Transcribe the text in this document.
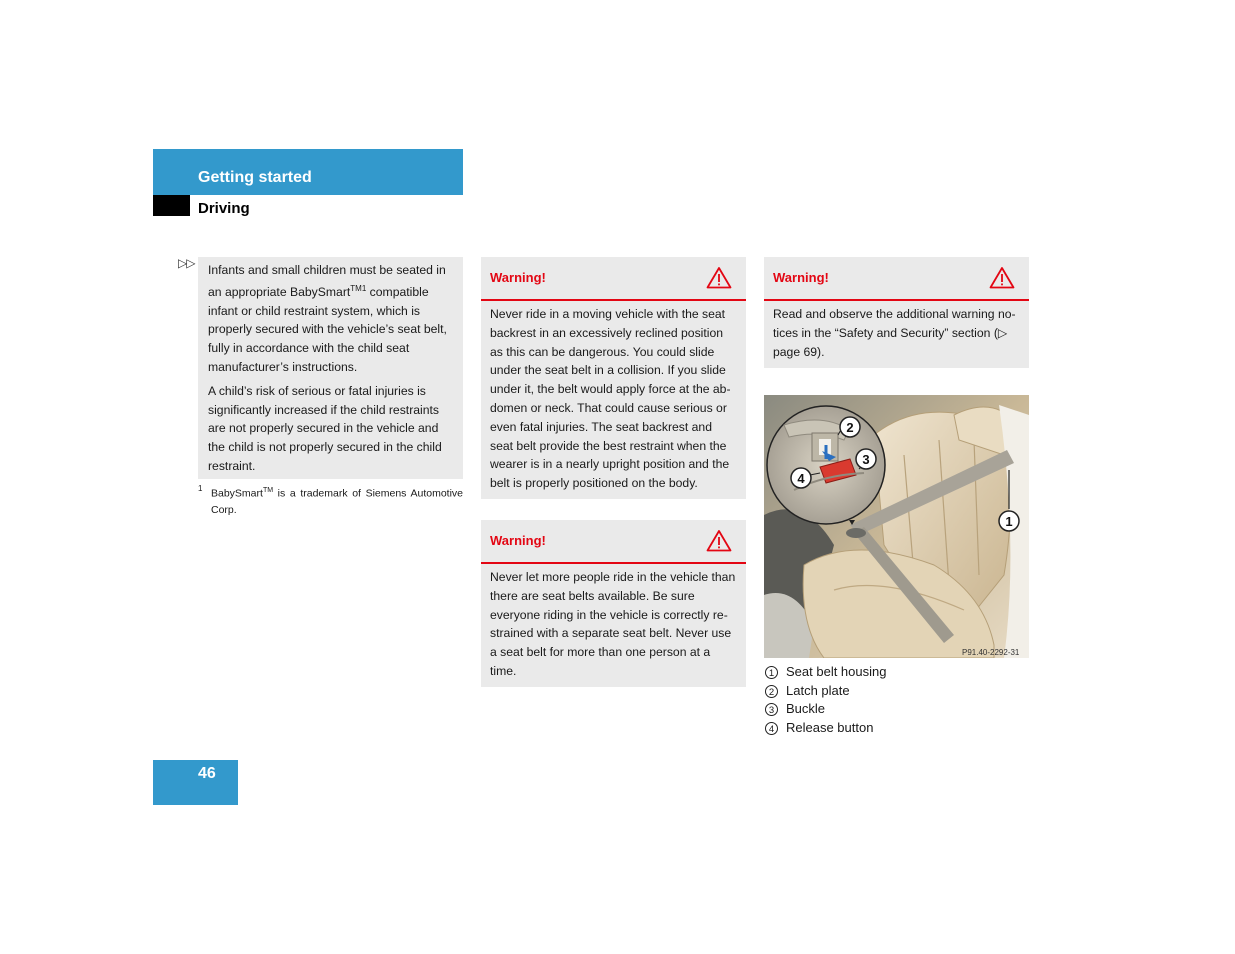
Getting started
Driving
▷▷ Infants and small children must be seated in an appropriate BabySmart$^{TM1}$ compatible infant or child restraint system, which is properly secured with the vehicle’s seat belt, fully in accordance with the child seat manufacturer’s instructions.

A child’s risk of serious or fatal injuries is significantly increased if the child restraints are not properly secured in the vehicle and the child is not properly secured in the child restraint.

1 BabySmart™ is a trademark of Siemens Automotive Corp.
Warning!

Never ride in a moving vehicle with the seat backrest in an excessively reclined position as this can be dangerous. You could slide under the seat belt in a collision. If you slide under it, the belt would apply force at the ab-domen or neck. That could cause serious or even fatal injuries. The seat backrest and seat belt provide the best restraint when the wearer is in a nearly upright position and the belt is properly positioned on the body.

Warning!

Never let more people ride in the vehicle than there are seat belts available. Be sure everyone riding in the vehicle is correctly re-strained with a separate seat belt. Never use a seat belt for more than one person at a time.

Warning!

Read and observe the additional warning no-tices in the “Safety and Security” section (▷ page 69).

2
3
4
1
P91.40-2292-31
1 Seat belt housing
2 Latch plate
3 Buckle
4 Release button
46
